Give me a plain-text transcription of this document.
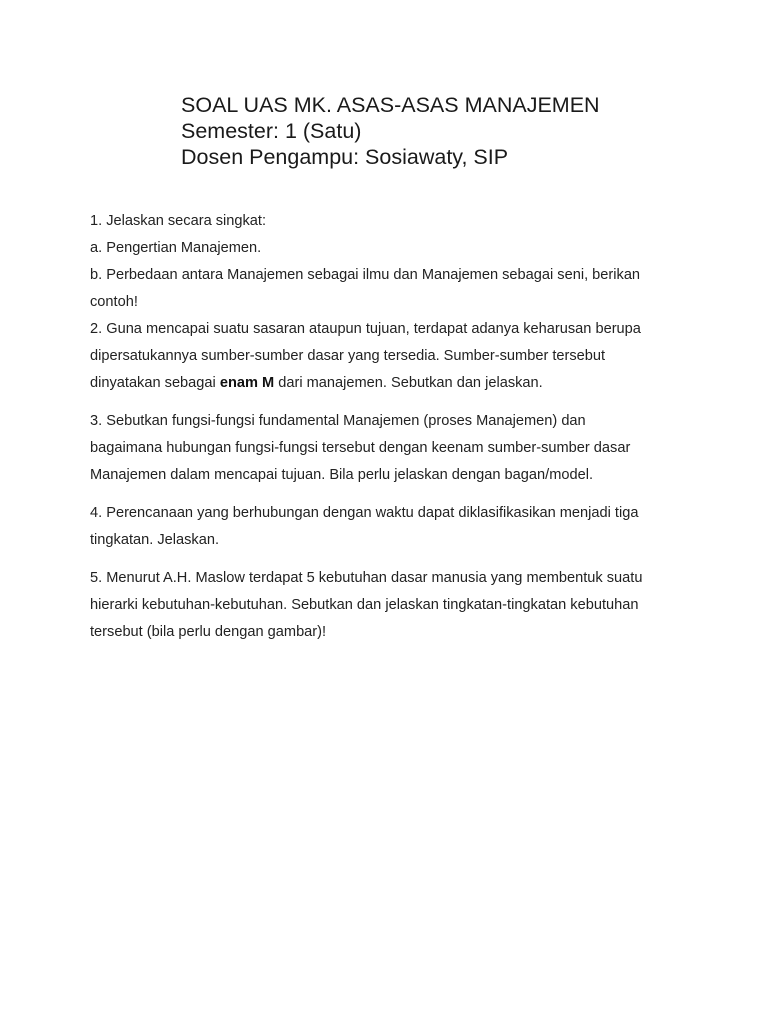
SOAL UAS MK. ASAS-ASAS MANAJEMEN
Semester: 1 (Satu)
Dosen Pengampu: Sosiawaty, SIP
1. Jelaskan secara singkat:
a. Pengertian Manajemen.
b. Perbedaan antara Manajemen sebagai ilmu dan Manajemen sebagai seni, berikan
contoh!
2. Guna mencapai suatu sasaran ataupun tujuan, terdapat adanya keharusan berupa
dipersatukannya sumber-sumber dasar yang tersedia. Sumber-sumber tersebut
dinyatakan sebagai enam M dari manajemen. Sebutkan dan jelaskan.
3. Sebutkan fungsi-fungsi fundamental Manajemen (proses Manajemen) dan
bagaimana hubungan fungsi-fungsi tersebut dengan keenam sumber-sumber dasar
Manajemen dalam mencapai tujuan. Bila perlu jelaskan dengan bagan/model.
4. Perencanaan yang berhubungan dengan waktu dapat diklasifikasikan menjadi tiga
tingkatan. Jelaskan.
5. Menurut A.H. Maslow terdapat 5 kebutuhan dasar manusia yang membentuk suatu
hierarki kebutuhan-kebutuhan. Sebutkan dan jelaskan tingkatan-tingkatan kebutuhan
tersebut (bila perlu dengan gambar)!
